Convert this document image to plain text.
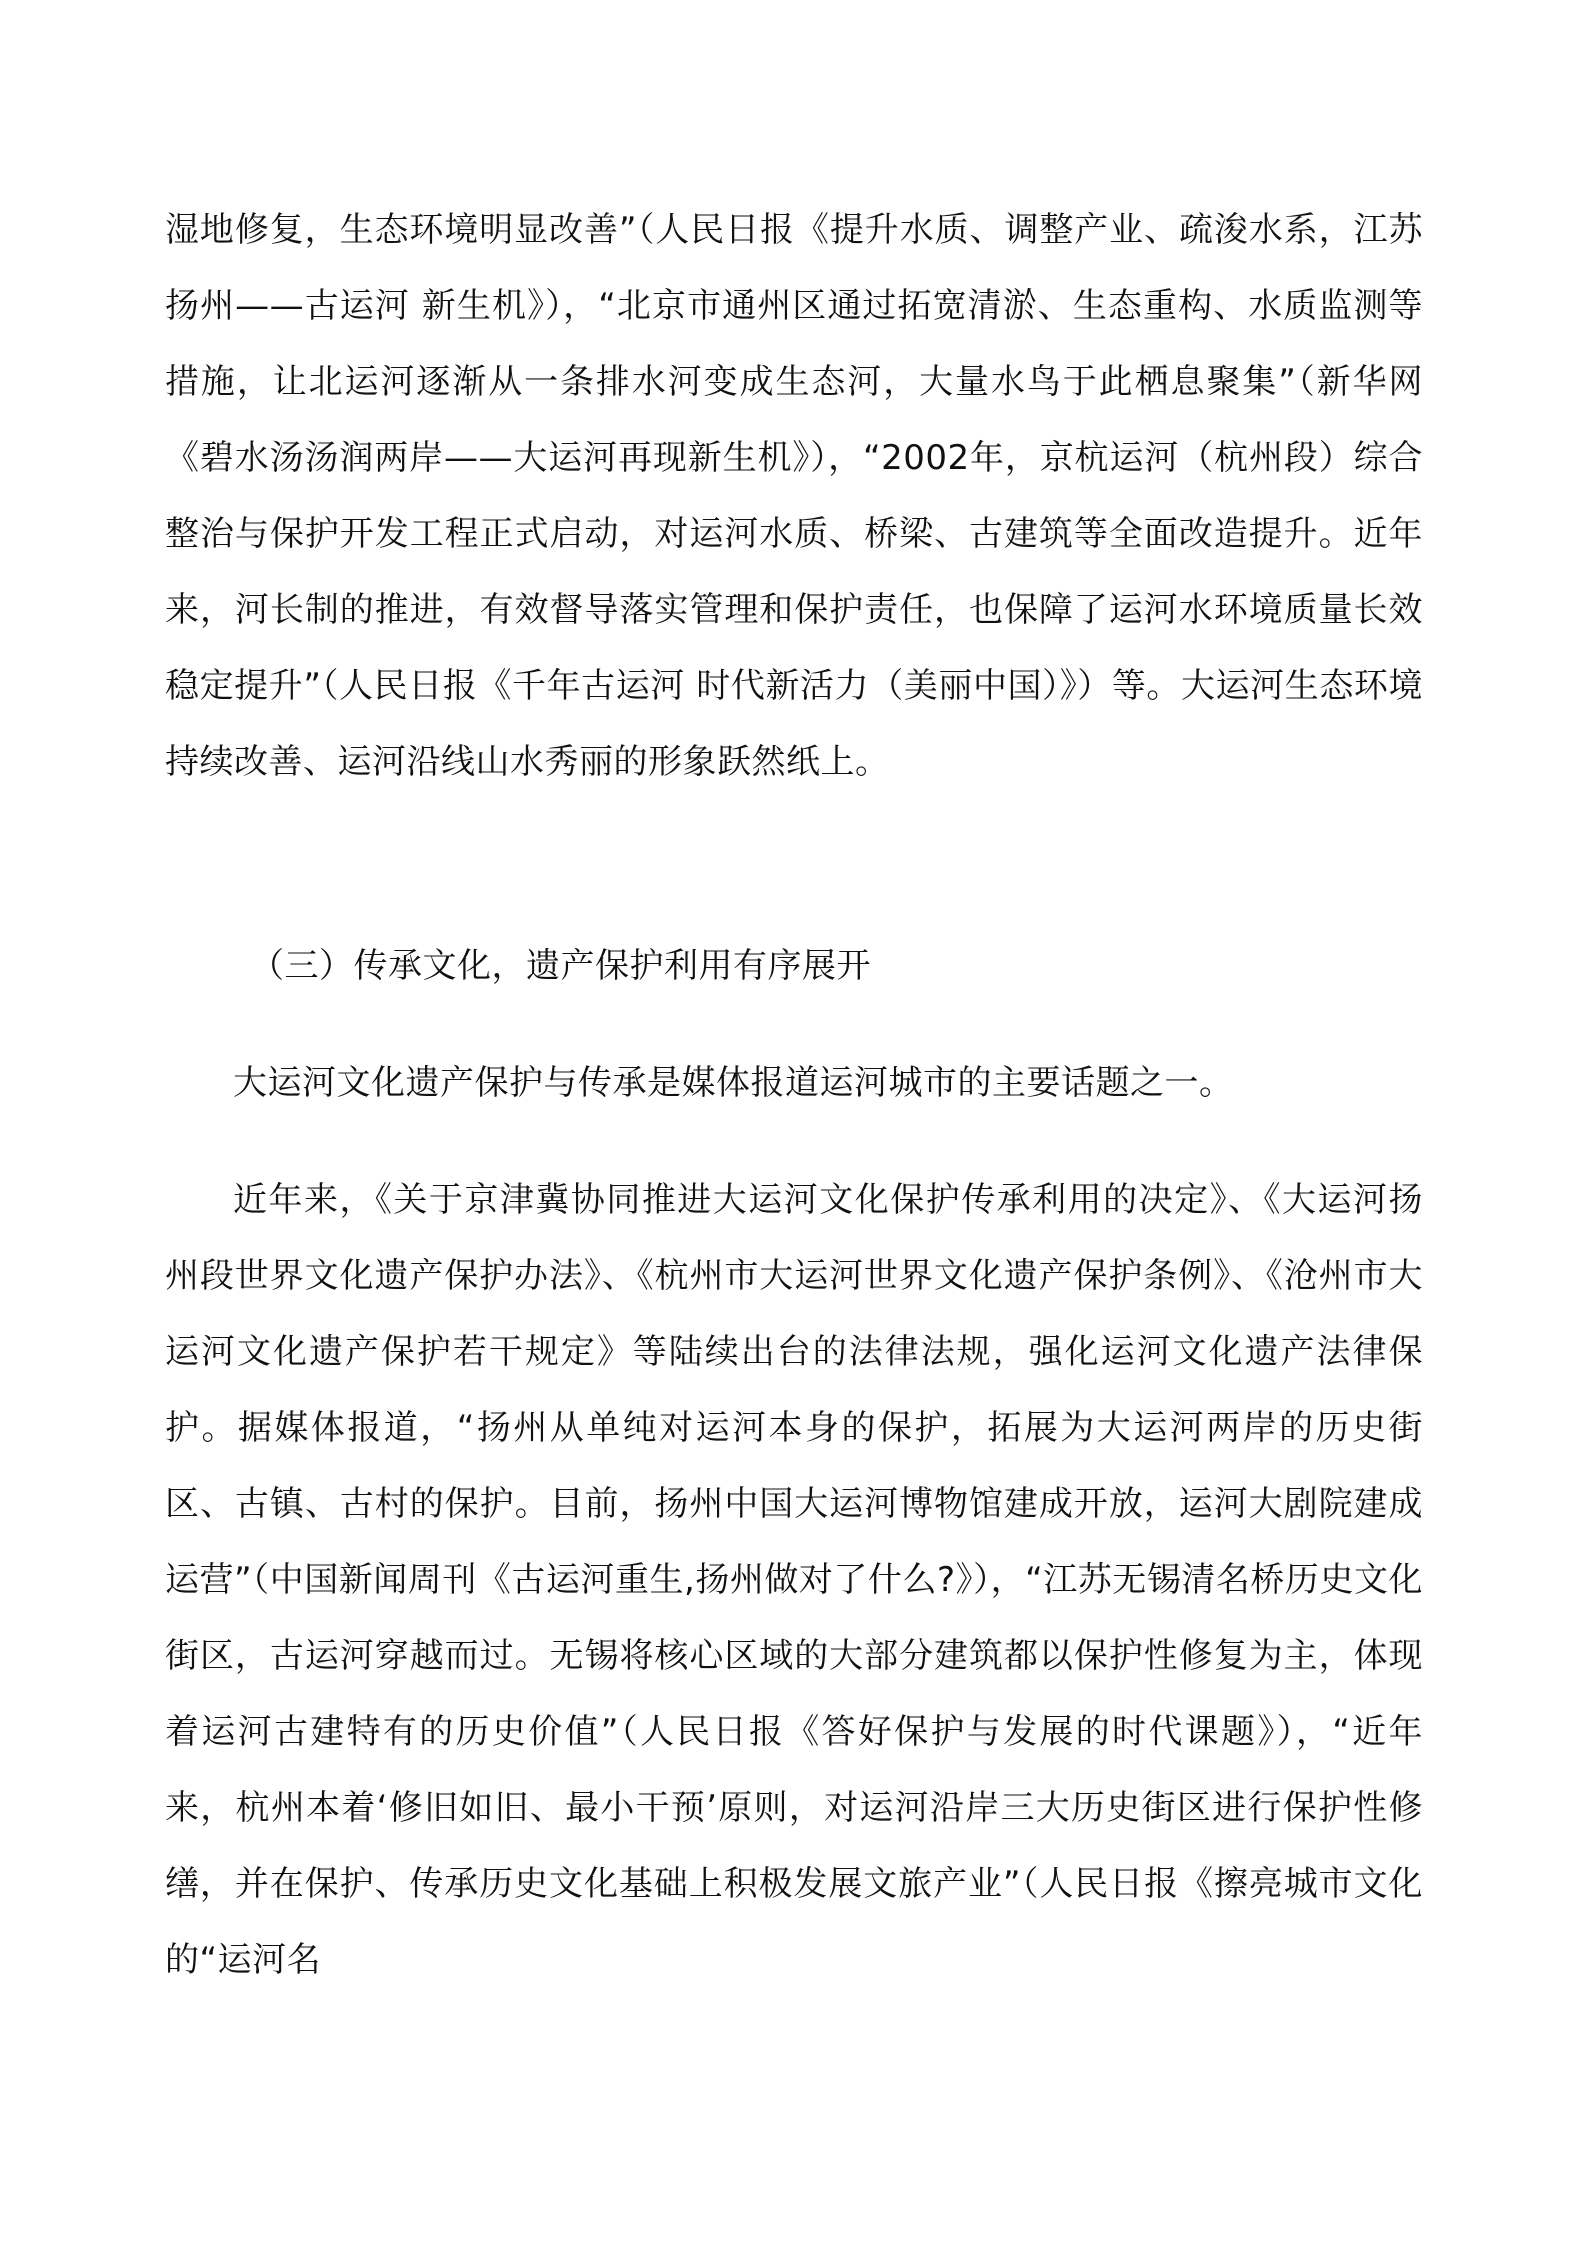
湿地修复，生态环境明显改善”（人民日报《提升水质、调整产业、疏浚水系，江苏扬州——古运河 新生机》），“北京市通州区通过拓宽清淤、生态重构、水质监测等措施，让北运河逐渐从一条排水河变成生态河，大量水鸟于此栖息聚集”（新华网《碧水汤汤润两岸——大运河再现新生机》），“2002年，京杭运河（杭州段）综合整治与保护开发工程正式启动，对运河水质、桥梁、古建筑等全面改造提升。近年来，河长制的推进，有效督导落实管理和保护责任，也保障了运河水环境质量长效稳定提升”（人民日报《千年古运河 时代新活力（美丽中国）》）等。大运河生态环境持续改善、运河沿线山水秀丽的形象跃然纸上。

（三）传承文化，遗产保护利用有序展开

大运河文化遗产保护与传承是媒体报道运河城市的主要话题之一。

近年来，《关于京津冀协同推进大运河文化保护传承利用的决定》、《大运河扬州段世界文化遗产保护办法》、《杭州市大运河世界文化遗产保护条例》、《沧州市大运河文化遗产保护若干规定》等陆续出台的法律法规，强化运河文化遗产法律保护。据媒体报道，“扬州从单纯对运河本身的保护，拓展为大运河两岸的历史街区、古镇、古村的保护。目前，扬州中国大运河博物馆建成开放，运河大剧院建成运营”（中国新闻周刊《古运河重生,扬州做对了什么?》），“江苏无锡清名桥历史文化街区，古运河穿越而过。无锡将核心区域的大部分建筑都以保护性修复为主，体现着运河古建特有的历史价值”（人民日报《答好保护与发展的时代课题》），“近年来，杭州本着‘修旧如旧、最小干预’原则，对运河沿岸三大历史街区进行保护性修缮，并在保护、传承历史文化基础上积极发展文旅产业”（人民日报《擦亮城市文化的“运河名
